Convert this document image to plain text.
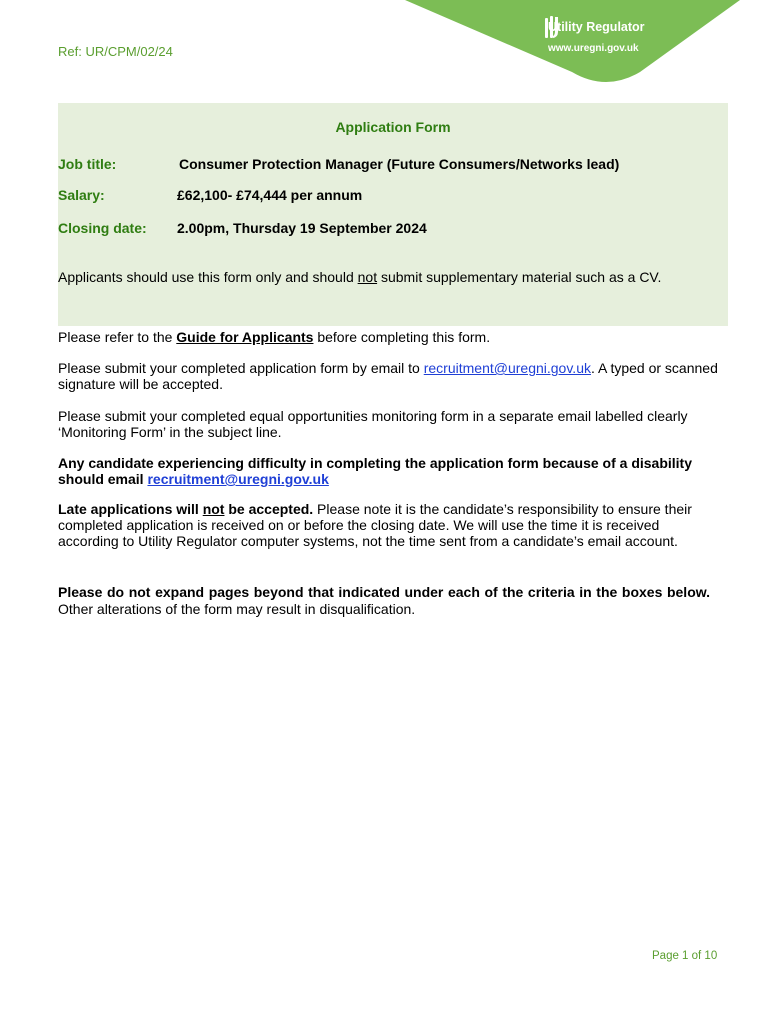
Utility Regulator
www.uregni.gov.uk
Ref: UR/CPM/02/24
Application Form
Job title:	Consumer Protection Manager (Future Consumers/Networks lead)
Salary:	£62,100- £74,444 per annum
Closing date: 2.00pm, Thursday 19 September 2024
Applicants should use this form only and should not submit supplementary material such as a CV.
Please refer to the Guide for Applicants before completing this form.
Please submit your completed application form by email to recruitment@uregni.gov.uk. A typed or scanned signature will be accepted.
Please submit your completed equal opportunities monitoring form in a separate email labelled clearly ‘Monitoring Form’ in the subject line.
Any candidate experiencing difficulty in completing the application form because of a disability should email recruitment@uregni.gov.uk
Late applications will not be accepted. Please note it is the candidate’s responsibility to ensure their completed application is received on or before the closing date. We will use the time it is received according to Utility Regulator computer systems, not the time sent from a candidate’s email account.
Please do not expand pages beyond that indicated under each of the criteria in the boxes below. Other alterations of the form may result in disqualification.
Page 1 of 10
